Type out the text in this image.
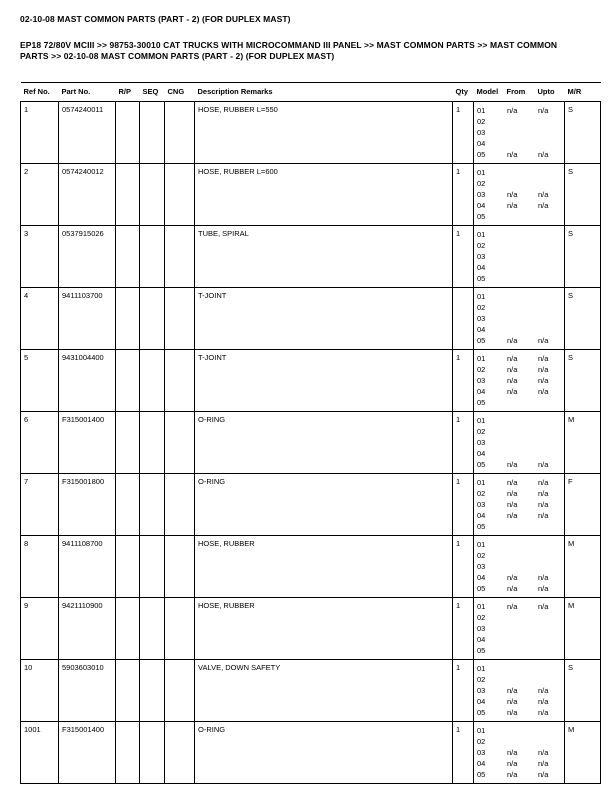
02-10-08 MAST COMMON PARTS (PART - 2) (FOR DUPLEX MAST)
EP18 72/80V MCIII >> 98753-30010 CAT TRUCKS WITH MICROCOMMAND III PANEL >> MAST COMMON PARTS >> MAST COMMON PARTS >> 02-10-08 MAST COMMON PARTS (PART - 2) (FOR DUPLEX MAST)
Ref No.	Part No.	R/P	SEQ	CNG	Description Remarks	Qty	Model From Upto	M/R
1	0574240011				HOSE, RUBBER L=550	1	01 n/a n/a
02
03
04
05 n/a n/a	S
2	0574240012				HOSE, RUBBER L=600	1	01
02
03 n/a n/a
04 n/a n/a
05	S
3	0537915026				TUBE, SPIRAL	1	01
02
03
04
05	S
4	9411103700				T-JOINT		01
02
03
04
05 n/a n/a	S
5	9431004400				T-JOINT	1	01 n/a n/a
02 n/a n/a
03 n/a n/a
04 n/a n/a
05	S
6	F315001400				O-RING	1	01
02
03
04
05 n/a n/a	M
7	F315001800				O-RING	1	01 n/a n/a
02 n/a n/a
03 n/a n/a
04 n/a n/a
05	F
8	9411108700				HOSE, RUBBER	1	01
02
03
04 n/a n/a
05 n/a n/a	M
9	9421110900				HOSE, RUBBER	1	01 n/a n/a
02
03
04
05	M
10	5903603010				VALVE, DOWN SAFETY	1	01
02
03 n/a n/a
04 n/a n/a
05 n/a n/a	S
1001	F315001400				O-RING	1	01
02
03 n/a n/a
04 n/a n/a
05 n/a n/a	M
